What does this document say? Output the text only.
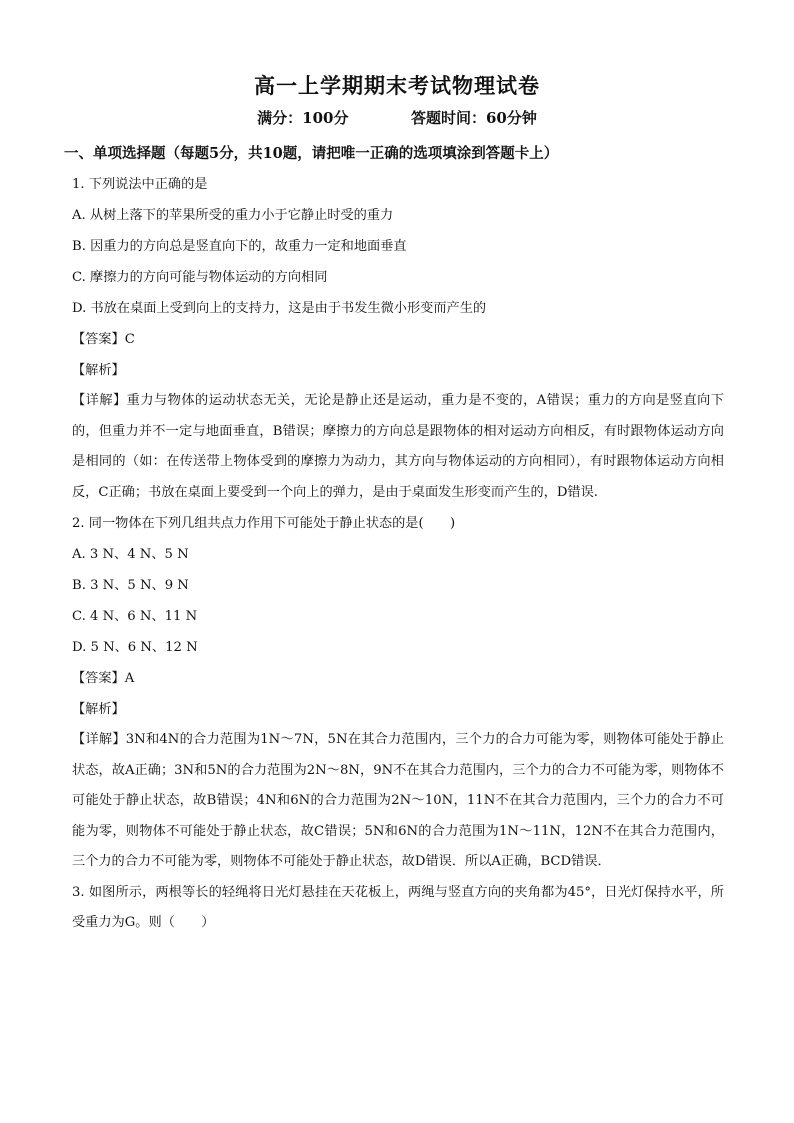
高一上学期期末考试物理试卷
满分：100分	答题时间：60分钟
一、单项选择题（每题5分，共10题，请把唯一正确的选项填涂到答题卡上）
1. 下列说法中正确的是
A. 从树上落下的苹果所受的重力小于它静止时受的重力
B. 因重力的方向总是竖直向下的，故重力一定和地面垂直
C. 摩擦力的方向可能与物体运动的方向相同
D. 书放在桌面上受到向上的支持力，这是由于书发生微小形变而产生的
【答案】C
【解析】

【详解】重力与物体的运动状态无关，无论是静止还是运动，重力是不变的，A错误；重力的方向是竖直向下的，但重力并不一定与地面垂直，B错误；摩擦力的方向总是跟物体的相对运动方向相反，有时跟物体运动方向是相同的（如：在传送带上物体受到的摩擦力为动力，其方向与物体运动的方向相同），有时跟物体运动方向相反，C正确；书放在桌面上要受到一个向上的弹力，是由于桌面发生形变而产生的，D错误.

2. 同一物体在下列几组共点力作用下可能处于静止状态的是(　　)
A. 3 N、4 N、5 N
B. 3 N、5 N、9 N
C. 4 N、6 N、11 N
D. 5 N、6 N、12 N
【答案】A
【解析】

【详解】3N和4N的合力范围为1N～7N，5N在其合力范围内，三个力的合力可能为零，则物体可能处于静止状态，故A正确；3N和5N的合力范围为2N～8N，9N不在其合力范围内，三个力的合力不可能为零，则物体不可能处于静止状态，故B错误；4N和6N的合力范围为2N～10N，11N不在其合力范围内，三个力的合力不可能为零，则物体不可能处于静止状态，故C错误；5N和6N的合力范围为1N～11N，12N不在其合力范围内，三个力的合力不可能为零，则物体不可能处于静止状态，故D错误．所以A正确，BCD错误．

3. 如图所示，两根等长的轻绳将日光灯悬挂在天花板上，两绳与竖直方向的夹角都为45°，日光灯保持水平，所受重力为G。则（　　）
